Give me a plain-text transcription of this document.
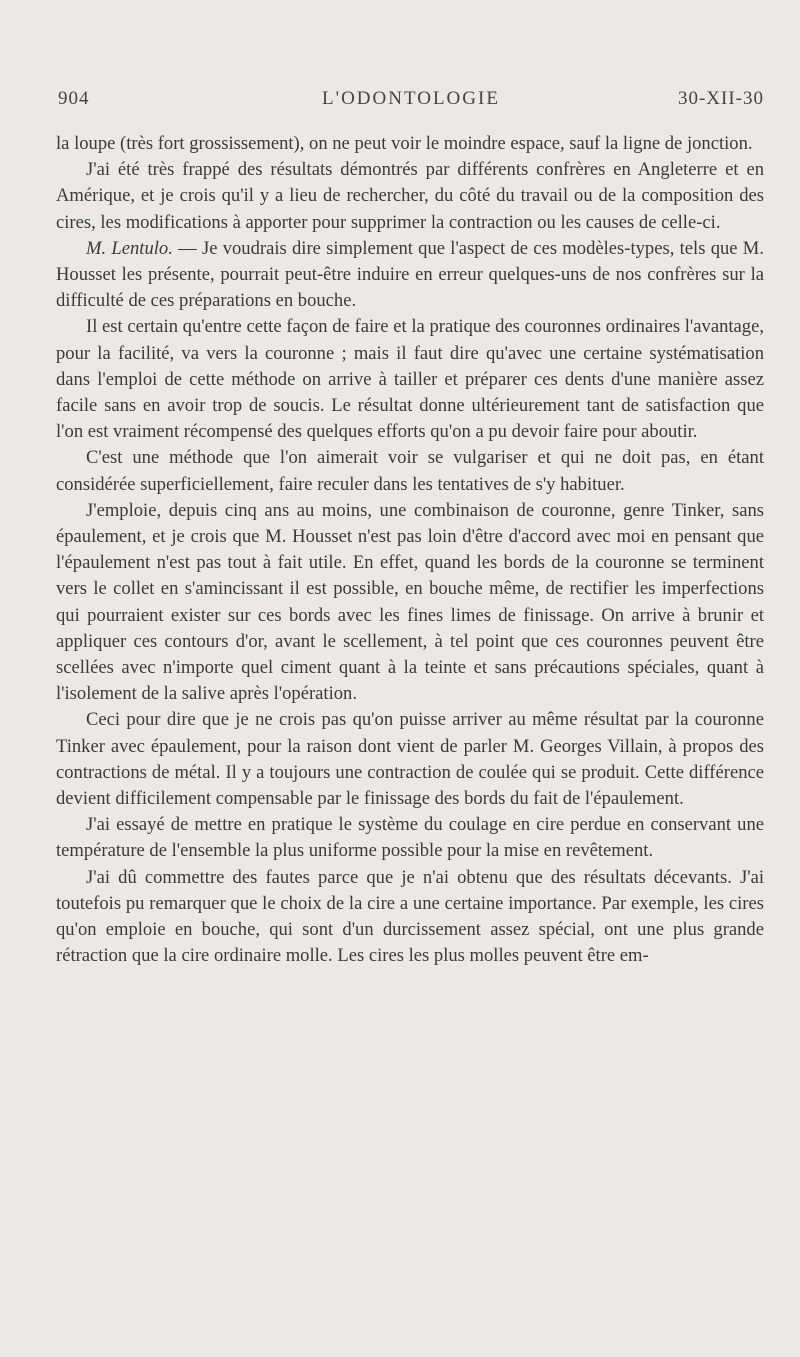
904	L'ODONTOLOGIE	30-XII-30

la loupe (très fort grossissement), on ne peut voir le moindre espace, sauf la ligne de jonction.

J'ai été très frappé des résultats démontrés par différents confrères en Angleterre et en Amérique, et je crois qu'il y a lieu de rechercher, du côté du travail ou de la composition des cires, les modifications à apporter pour supprimer la contraction ou les causes de celle-ci.

M. Lentulo. — Je voudrais dire simplement que l'aspect de ces modèles-types, tels que M. Housset les présente, pourrait peut-être induire en erreur quelques-uns de nos confrères sur la difficulté de ces préparations en bouche.

Il est certain qu'entre cette façon de faire et la pratique des couronnes ordinaires l'avantage, pour la facilité, va vers la couronne ; mais il faut dire qu'avec une certaine systématisation dans l'emploi de cette méthode on arrive à tailler et préparer ces dents d'une manière assez facile sans en avoir trop de soucis. Le résultat donne ultérieurement tant de satisfaction que l'on est vraiment récompensé des quelques efforts qu'on a pu devoir faire pour aboutir.

C'est une méthode que l'on aimerait voir se vulgariser et qui ne doit pas, en étant considérée superficiellement, faire reculer dans les tentatives de s'y habituer.

J'emploie, depuis cinq ans au moins, une combinaison de couronne, genre Tinker, sans épaulement, et je crois que M. Housset n'est pas loin d'être d'accord avec moi en pensant que l'épaulement n'est pas tout à fait utile. En effet, quand les bords de la couronne se terminent vers le collet en s'amincissant il est possible, en bouche même, de rectifier les imperfections qui pourraient exister sur ces bords avec les fines limes de finissage. On arrive à brunir et appliquer ces contours d'or, avant le scellement, à tel point que ces couronnes peuvent être scellées avec n'importe quel ciment quant à la teinte et sans précautions spéciales, quant à l'isolement de la salive après l'opération.

Ceci pour dire que je ne crois pas qu'on puisse arriver au même résultat par la couronne Tinker avec épaulement, pour la raison dont vient de parler M. Georges Villain, à propos des contractions de métal. Il y a toujours une contraction de coulée qui se produit. Cette différence devient difficilement compensable par le finissage des bords du fait de l'épaulement.

J'ai essayé de mettre en pratique le système du coulage en cire perdue en conservant une température de l'ensemble la plus uniforme possible pour la mise en revêtement.

J'ai dû commettre des fautes parce que je n'ai obtenu que des résultats décevants. J'ai toutefois pu remarquer que le choix de la cire a une certaine importance. Par exemple, les cires qu'on emploie en bouche, qui sont d'un durcissement assez spécial, ont une plus grande rétraction que la cire ordinaire molle. Les cires les plus molles peuvent être em-
